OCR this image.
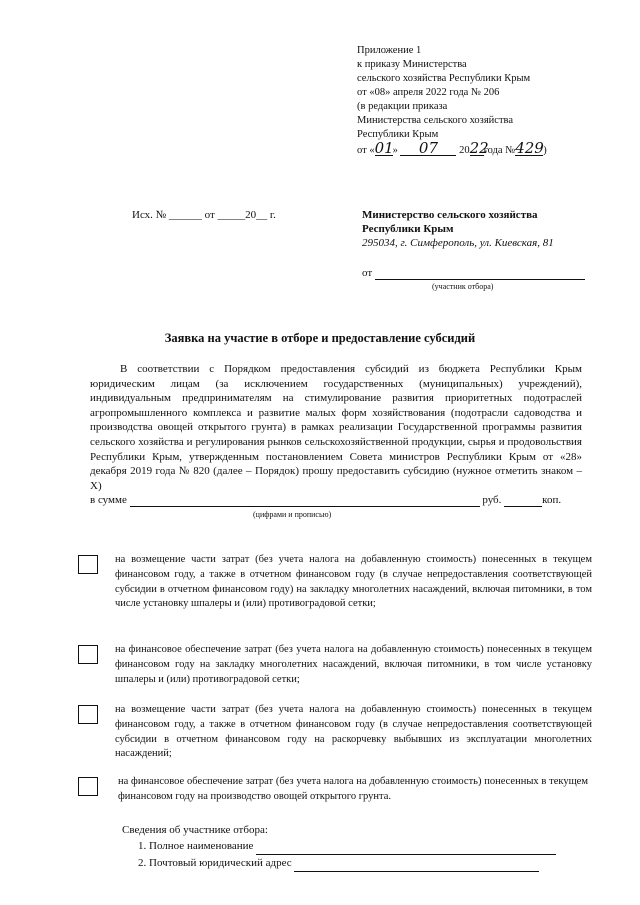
Приложение 1
к приказу Министерства
сельского хозяйства Республики Крым
от «08» апреля 2022 года № 206
(в редакции приказа
Министерства сельского хозяйства
Республики Крым
от «01» 07 2022года №429)
Исх. № ______ от _____20__ г.	Министерство сельского хозяйства
Республики Крым
295034, г. Симферополь, ул. Киевская, 81
от
(участник отбора)
Заявка на участие в отборе и предоставление субсидий
В соответствии с Порядком предоставления субсидий из бюджета Республики Крым юридическим лицам (за исключением государственных (муниципальных) учреждений), индивидуальным предпринимателям на стимулирование развития приоритетных подотраслей агропромышленного комплекса и развитие малых форм хозяйствования (подотрасли садоводства и производства овощей открытого грунта) в рамках реализации Государственной программы развития сельского хозяйства и регулирования рынков сельскохозяйственной продукции, сырья и продовольствия Республики Крым, утвержденным постановлением Совета министров Республики Крым от «28» декабря 2019 года № 820 (далее – Порядок) прошу предоставить субсидию (нужное отметить знаком – Х)
в сумме	руб.	коп.
(цифрами и прописью)
на возмещение части затрат (без учета налога на добавленную стоимость) понесенных в текущем финансовом году, а также в отчетном финансовом году (в случае непредоставления соответствующей субсидии в отчетном финансовом году) на закладку многолетних насаждений, включая питомники, в том числе установку шпалеры и (или) противоградовой сетки;
на финансовое обеспечение затрат (без учета налога на добавленную стоимость) понесенных в текущем финансовом году на закладку многолетних насаждений, включая питомники, в том числе установку шпалеры и (или) противоградовой сетки;
на возмещение части затрат (без учета налога на добавленную стоимость) понесенных в текущем финансовом году, а также в отчетном финансовом году (в случае непредоставления соответствующей субсидии в отчетном финансовом году на раскорчевку выбывших из эксплуатации многолетних насаждений;
на финансовое обеспечение затрат (без учета налога на добавленную стоимость) понесенных в текущем финансовом году на производство овощей открытого грунта.
Сведения об участнике отбора:
1. Полное наименование
2. Почтовый юридический адрес
